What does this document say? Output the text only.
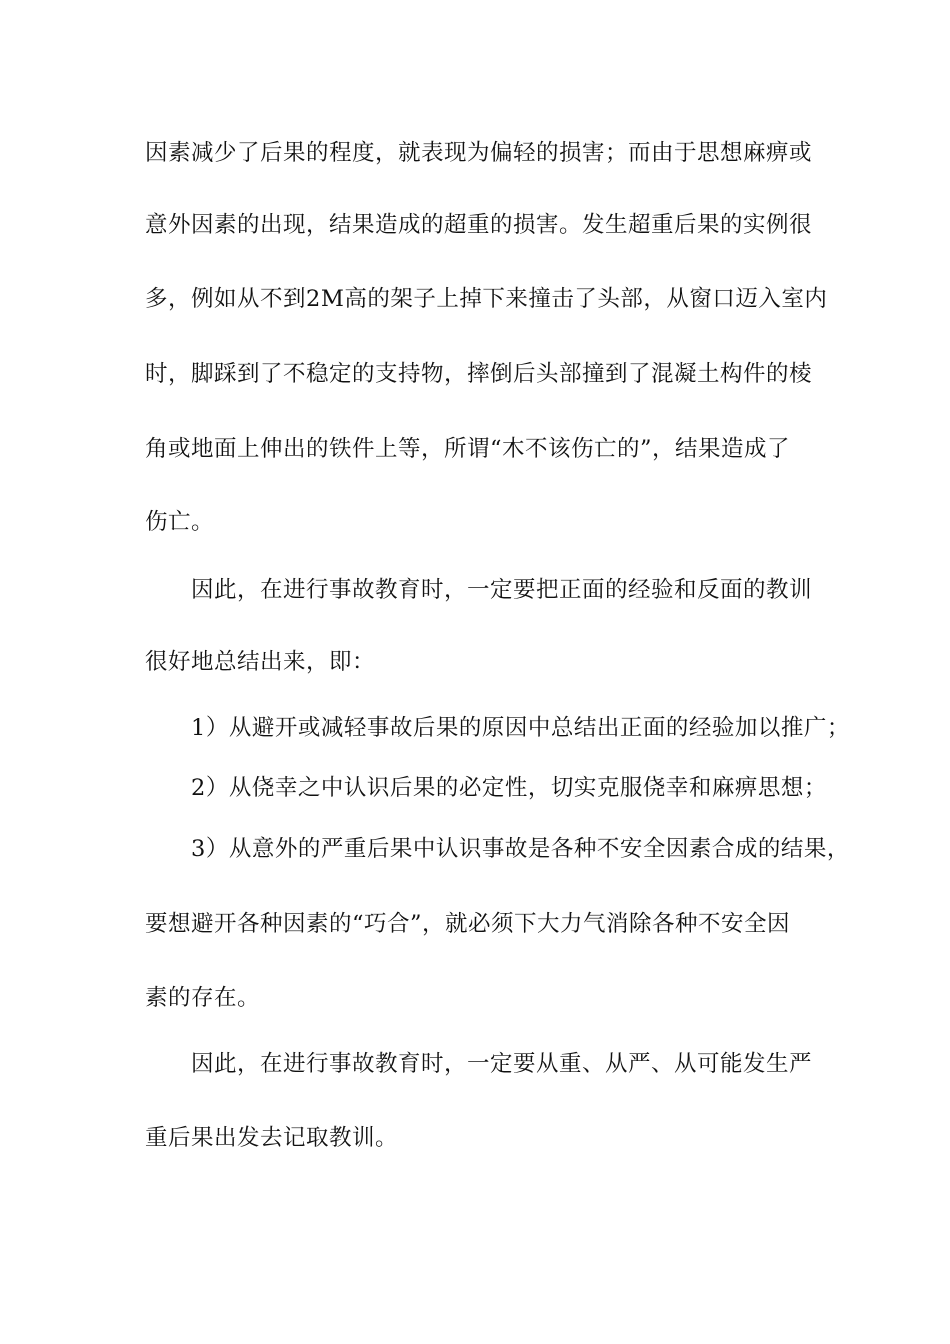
因素减少了后果的程度，就表现为偏轻的损害；而由于思想麻痹或
意外因素的出现，结果造成的超重的损害。发生超重后果的实例很
多，例如从不到2M高的架子上掉下来撞击了头部，从窗口迈入室内
时，脚踩到了不稳定的支持物，摔倒后头部撞到了混凝土构件的棱
角或地面上伸出的铁件上等，所谓“木不该伤亡的”，结果造成了
伤亡。
因此，在进行事故教育时，一定要把正面的经验和反面的教训
很好地总结出来，即：
1）从避开或减轻事故后果的原因中总结出正面的经验加以推广；
2）从侥幸之中认识后果的必定性，切实克服侥幸和麻痹思想；
3）从意外的严重后果中认识事故是各种不安全因素合成的结果，
要想避开各种因素的“巧合”，就必须下大力气消除各种不安全因
素的存在。
因此，在进行事故教育时，一定要从重、从严、从可能发生严
重后果出发去记取教训。
